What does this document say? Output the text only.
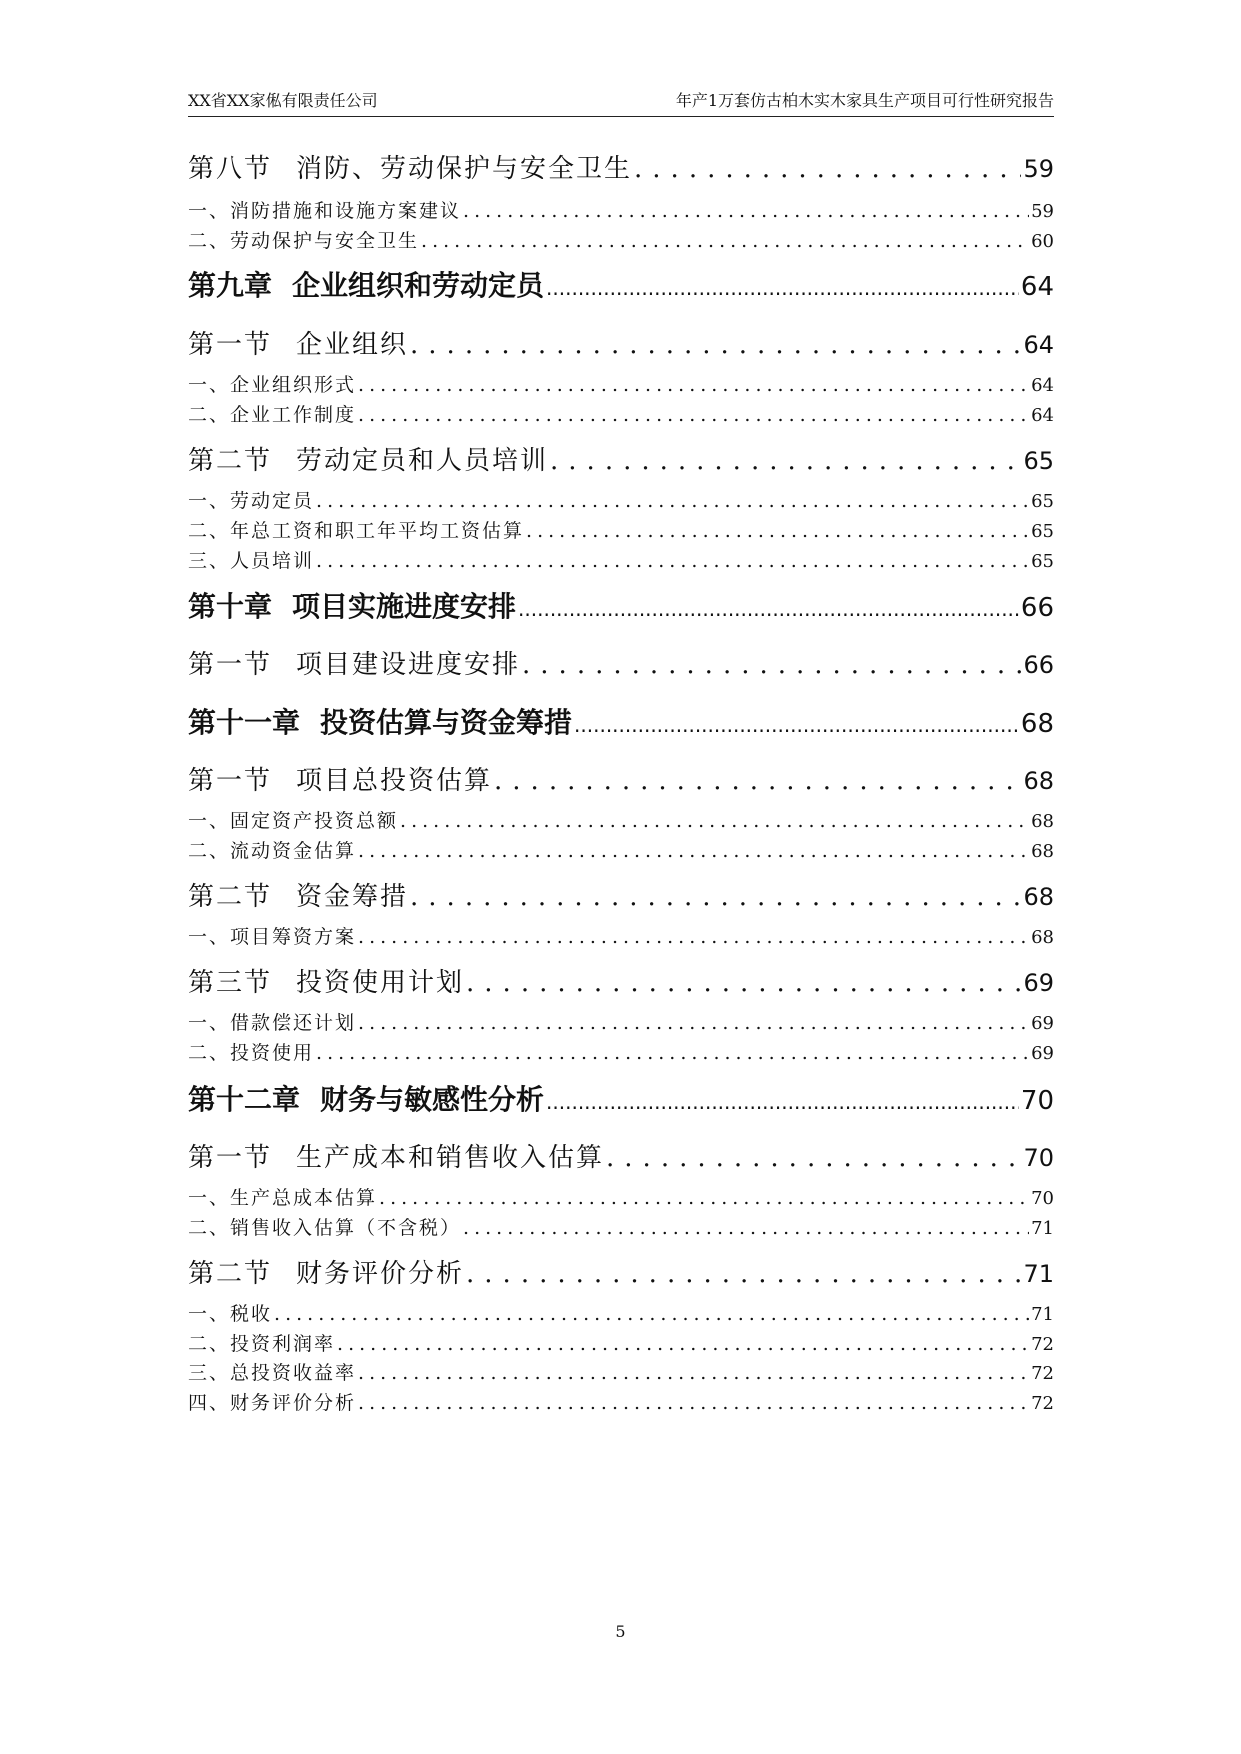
XX省XX家俬有限责任公司	年产1万套仿古柏木实木家具生产项目可行性研究报告
第八节 消防、劳动保护与安全卫生 .....	59
一、 消防措施和设施方案建议 .....	59
二、 劳动保护与安全卫生 .....	60
第九章 企业组织和劳动定员 .....	64
第一节 企业组织 .....	64
一、 企业组织形式 .....	64
二、 企业工作制度 .....	64
第二节 劳动定员和人员培训 .....	65
一、 劳动定员 .....	65
二、 年总工资和职工年平均工资估算 .....	65
三、 人员培训 .....	65
第十章 项目实施进度安排 .....	66
第一节 项目建设进度安排 .....	66
第十一章 投资估算与资金筹措 .....	68
第一节 项目总投资估算 .....	68
一、 固定资产投资总额 .....	68
二、 流动资金估算 .....	68
第二节 资金筹措 .....	68
一、 项目筹资方案 .....	68
第三节 投资使用计划 .....	69
一、 借款偿还计划 .....	69
二、 投资使用 .....	69
第十二章 财务与敏感性分析 .....	70
第一节 生产成本和销售收入估算 .....	70
一、 生产总成本估算 .....	70
二、 销售收入估算（不含税） .....	71
第二节 财务评价分析 .....	71
一、 税收 .....	71
二、 投资利润率 .....	72
三、 总投资收益率 .....	72
四、 财务评价分析 .....	72
5
